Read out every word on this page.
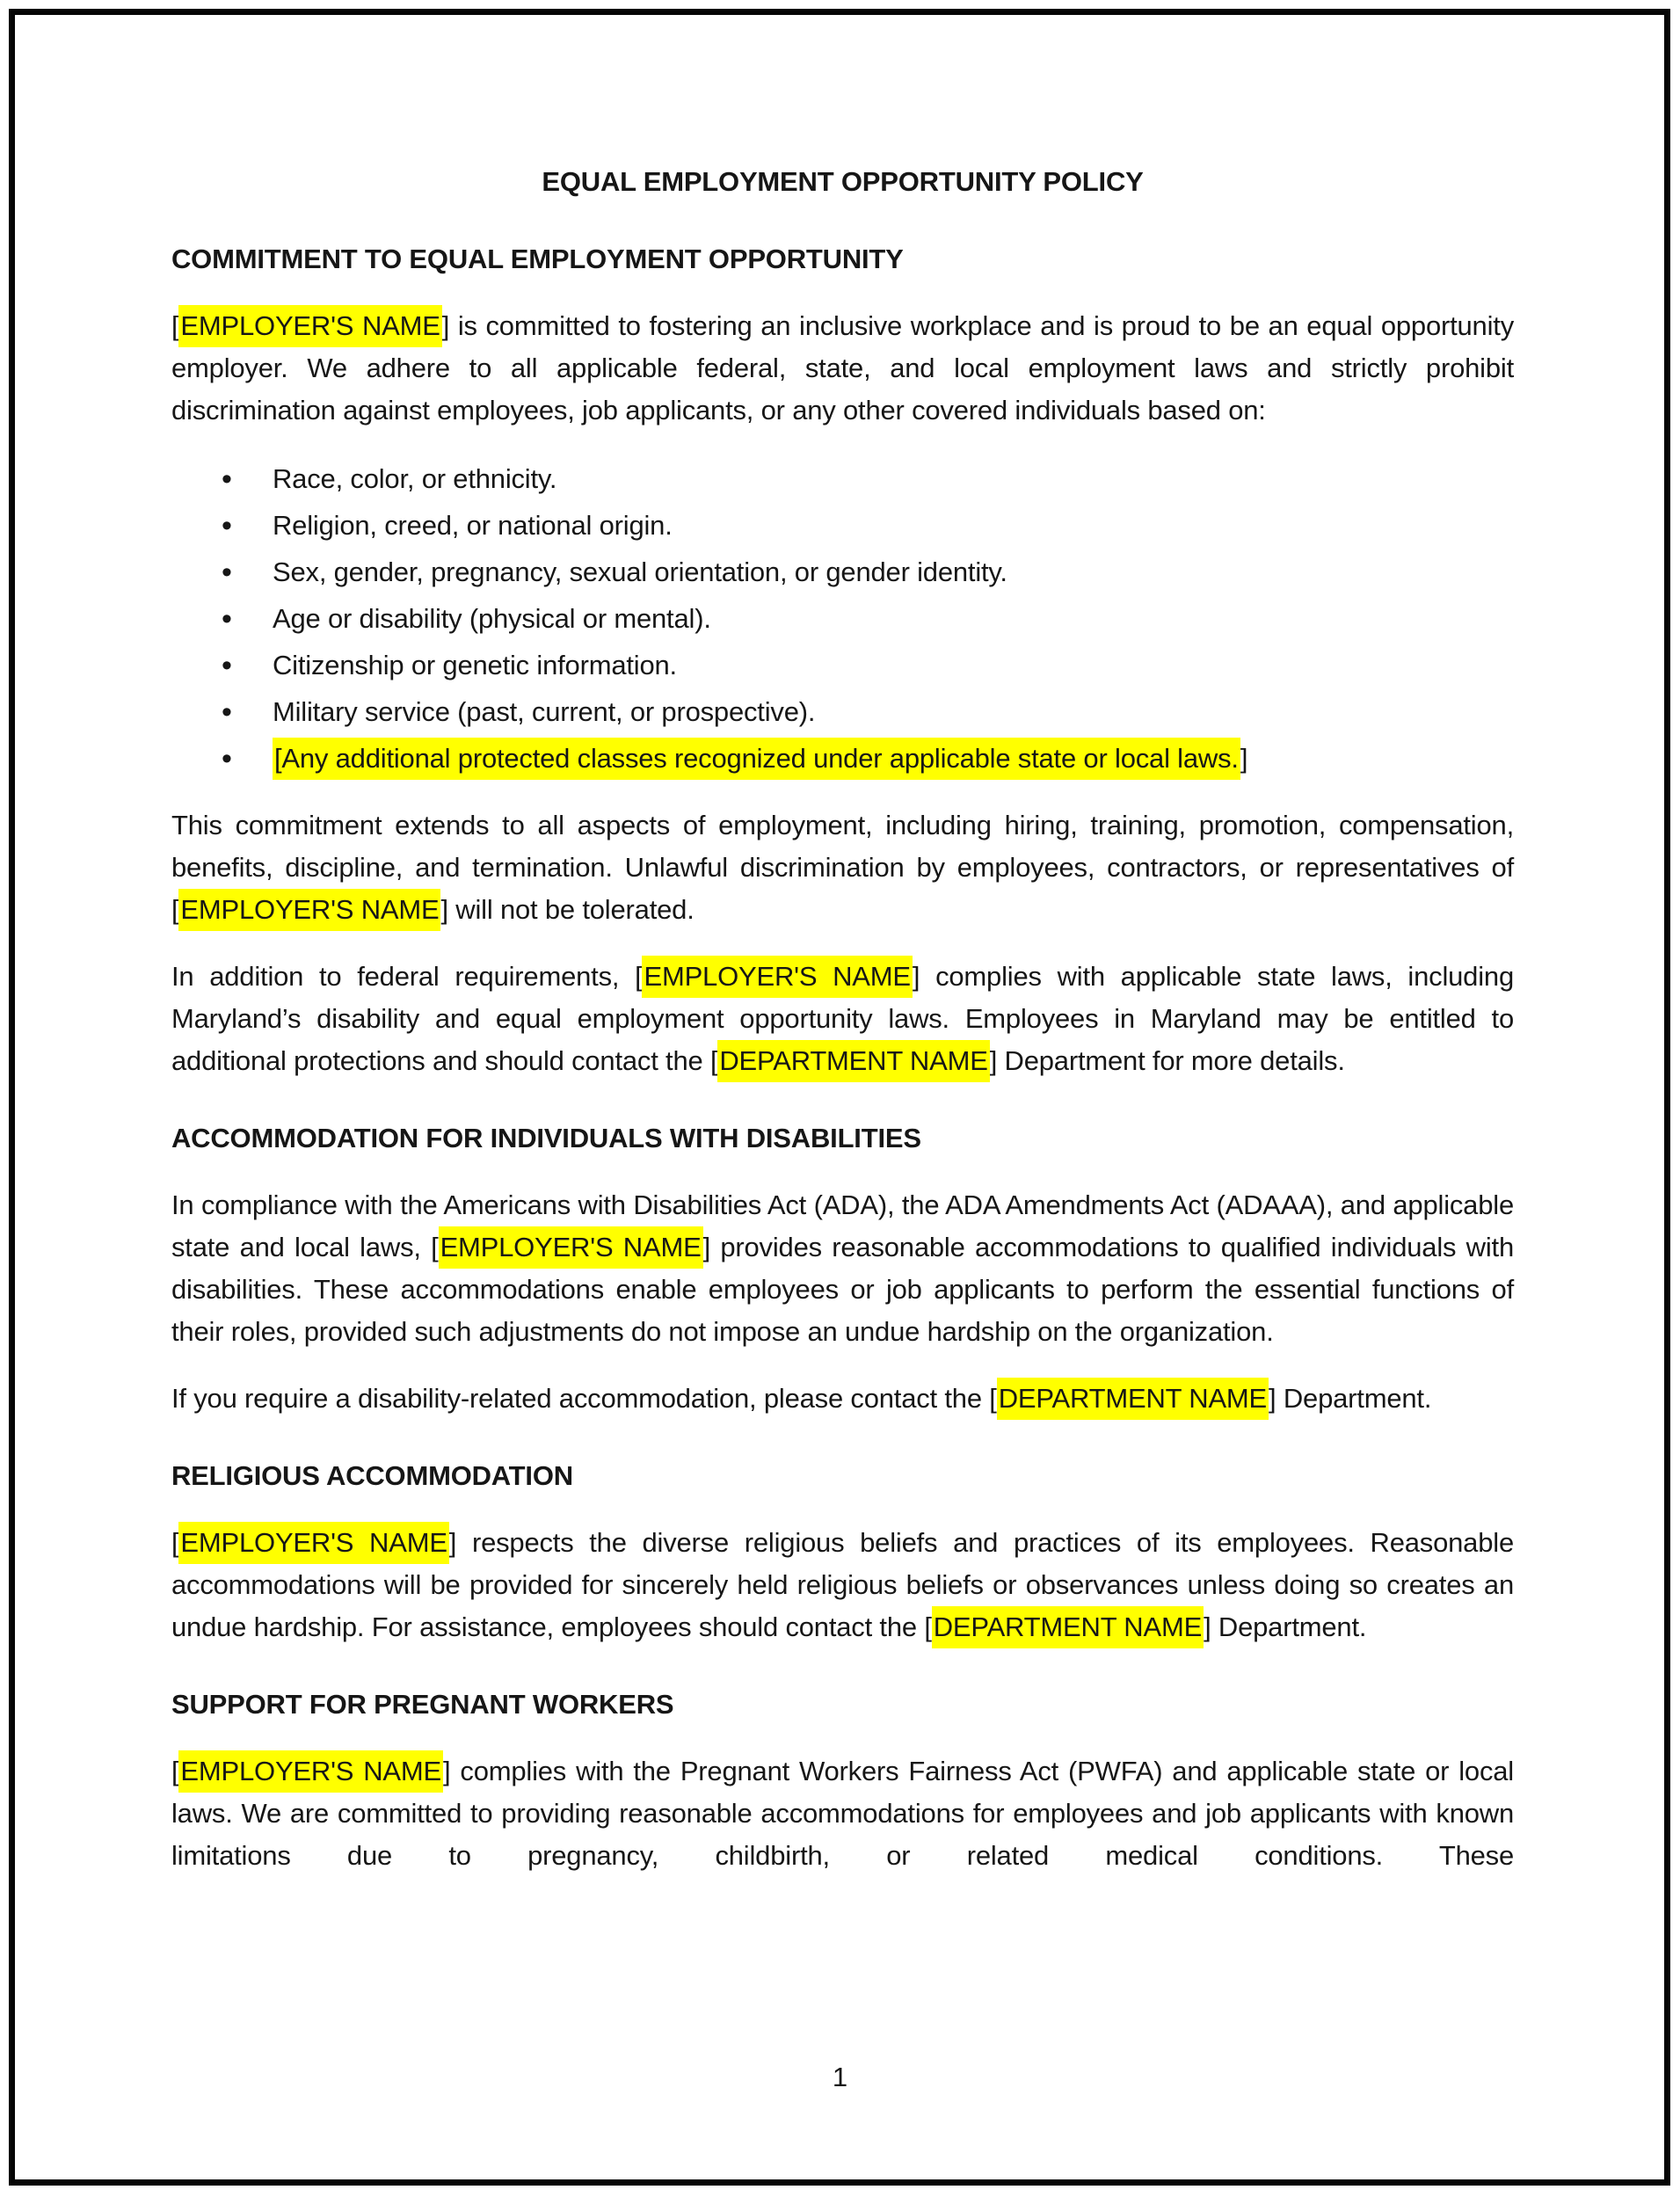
EQUAL EMPLOYMENT OPPORTUNITY POLICY

COMMITMENT TO EQUAL EMPLOYMENT OPPORTUNITY

[EMPLOYER'S NAME] is committed to fostering an inclusive workplace and is proud to be an equal opportunity employer. We adhere to all applicable federal, state, and local employment laws and strictly prohibit discrimination against employees, job applicants, or any other covered individuals based on:

• Race, color, or ethnicity.
• Religion, creed, or national origin.
• Sex, gender, pregnancy, sexual orientation, or gender identity.
• Age or disability (physical or mental).
• Citizenship or genetic information.
• Military service (past, current, or prospective).
• [Any additional protected classes recognized under applicable state or local laws.]

This commitment extends to all aspects of employment, including hiring, training, promotion, compensation, benefits, discipline, and termination. Unlawful discrimination by employees, contractors, or representatives of [EMPLOYER'S NAME] will not be tolerated.

In addition to federal requirements, [EMPLOYER'S NAME] complies with applicable state laws, including Maryland’s disability and equal employment opportunity laws. Employees in Maryland may be entitled to additional protections and should contact the [DEPARTMENT NAME] Department for more details.

ACCOMMODATION FOR INDIVIDUALS WITH DISABILITIES

In compliance with the Americans with Disabilities Act (ADA), the ADA Amendments Act (ADAAA), and applicable state and local laws, [EMPLOYER'S NAME] provides reasonable accommodations to qualified individuals with disabilities. These accommodations enable employees or job applicants to perform the essential functions of their roles, provided such adjustments do not impose an undue hardship on the organization.

If you require a disability-related accommodation, please contact the [DEPARTMENT NAME] Department.

RELIGIOUS ACCOMMODATION

[EMPLOYER'S NAME] respects the diverse religious beliefs and practices of its employees. Reasonable accommodations will be provided for sincerely held religious beliefs or observances unless doing so creates an undue hardship. For assistance, employees should contact the [DEPARTMENT NAME] Department.

SUPPORT FOR PREGNANT WORKERS

[EMPLOYER'S NAME] complies with the Pregnant Workers Fairness Act (PWFA) and applicable state or local laws. We are committed to providing reasonable accommodations for employees and job applicants with known limitations due to pregnancy, childbirth, or related medical conditions. These

1
